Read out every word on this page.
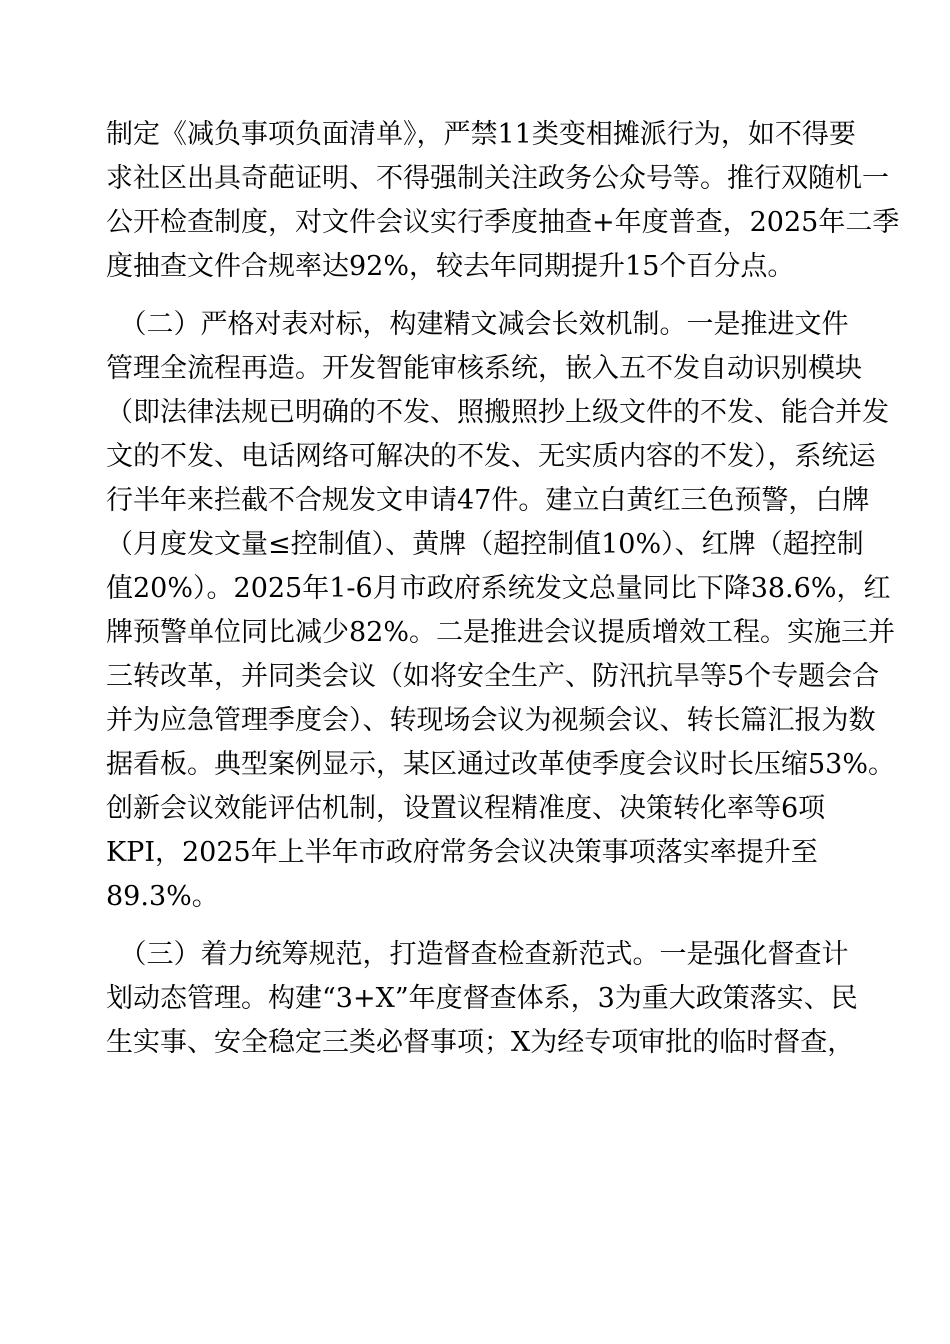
制定《减负事项负面清单》，严禁11类变相摊派行为，如不得要
求社区出具奇葩证明、不得强制关注政务公众号等。推行双随机一
公开检查制度，对文件会议实行季度抽查+年度普查，2025年二季
度抽查文件合规率达92%，较去年同期提升15个百分点。
　（二）严格对表对标，构建精文减会长效机制。一是推进文件
管理全流程再造。开发智能审核系统，嵌入五不发自动识别模块
（即法律法规已明确的不发、照搬照抄上级文件的不发、能合并发
文的不发、电话网络可解决的不发、无实质内容的不发），系统运
行半年来拦截不合规发文申请47件。建立白黄红三色预警，白牌
（月度发文量≤控制值）、黄牌（超控制值10%）、红牌（超控制
值20%）。2025年1-6月市政府系统发文总量同比下降38.6%，红
牌预警单位同比减少82%。二是推进会议提质增效工程。实施三并
三转改革，并同类会议（如将安全生产、防汛抗旱等5个专题会合
并为应急管理季度会）、转现场会议为视频会议、转长篇汇报为数
据看板。典型案例显示，某区通过改革使季度会议时长压缩53%。
创新会议效能评估机制，设置议程精准度、决策转化率等6项
KPI，2025年上半年市政府常务会议决策事项落实率提升至
89.3%。
　（三）着力统筹规范，打造督查检查新范式。一是强化督查计
划动态管理。构建“3+X”年度督查体系，3为重大政策落实、民
生实事、安全稳定三类必督事项；X为经专项审批的临时督查，
